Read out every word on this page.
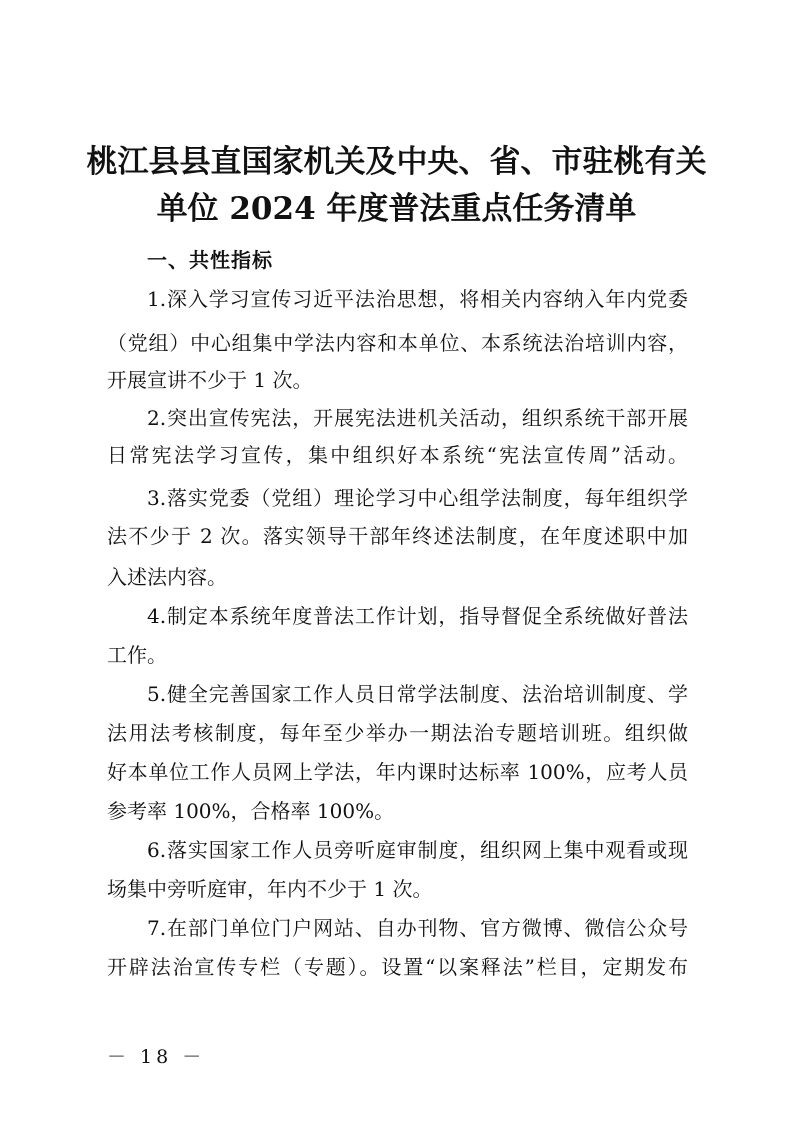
桃江县县直国家机关及中央、省、市驻桃有关
单位 2024 年度普法重点任务清单
一、共性指标
1.深入学习宣传习近平法治思想，将相关内容纳入年内党委
（党组）中心组集中学法内容和本单位、本系统法治培训内容，
开展宣讲不少于 1 次。
2.突出宣传宪法，开展宪法进机关活动，组织系统干部开展
日常宪法学习宣传，集中组织好本系统“宪法宣传周”活动。
3.落实党委（党组）理论学习中心组学法制度，每年组织学
法不少于 2 次。落实领导干部年终述法制度，在年度述职中加
入述法内容。
4.制定本系统年度普法工作计划，指导督促全系统做好普法
工作。
5.健全完善国家工作人员日常学法制度、法治培训制度、学
法用法考核制度，每年至少举办一期法治专题培训班。组织做
好本单位工作人员网上学法，年内课时达标率 100%，应考人员
参考率 100%，合格率 100%。
6.落实国家工作人员旁听庭审制度，组织网上集中观看或现
场集中旁听庭审，年内不少于 1 次。
7.在部门单位门户网站、自办刊物、官方微博、微信公众号
开辟法治宣传专栏（专题）。设置“以案释法”栏目，定期发布
－ 18 －
